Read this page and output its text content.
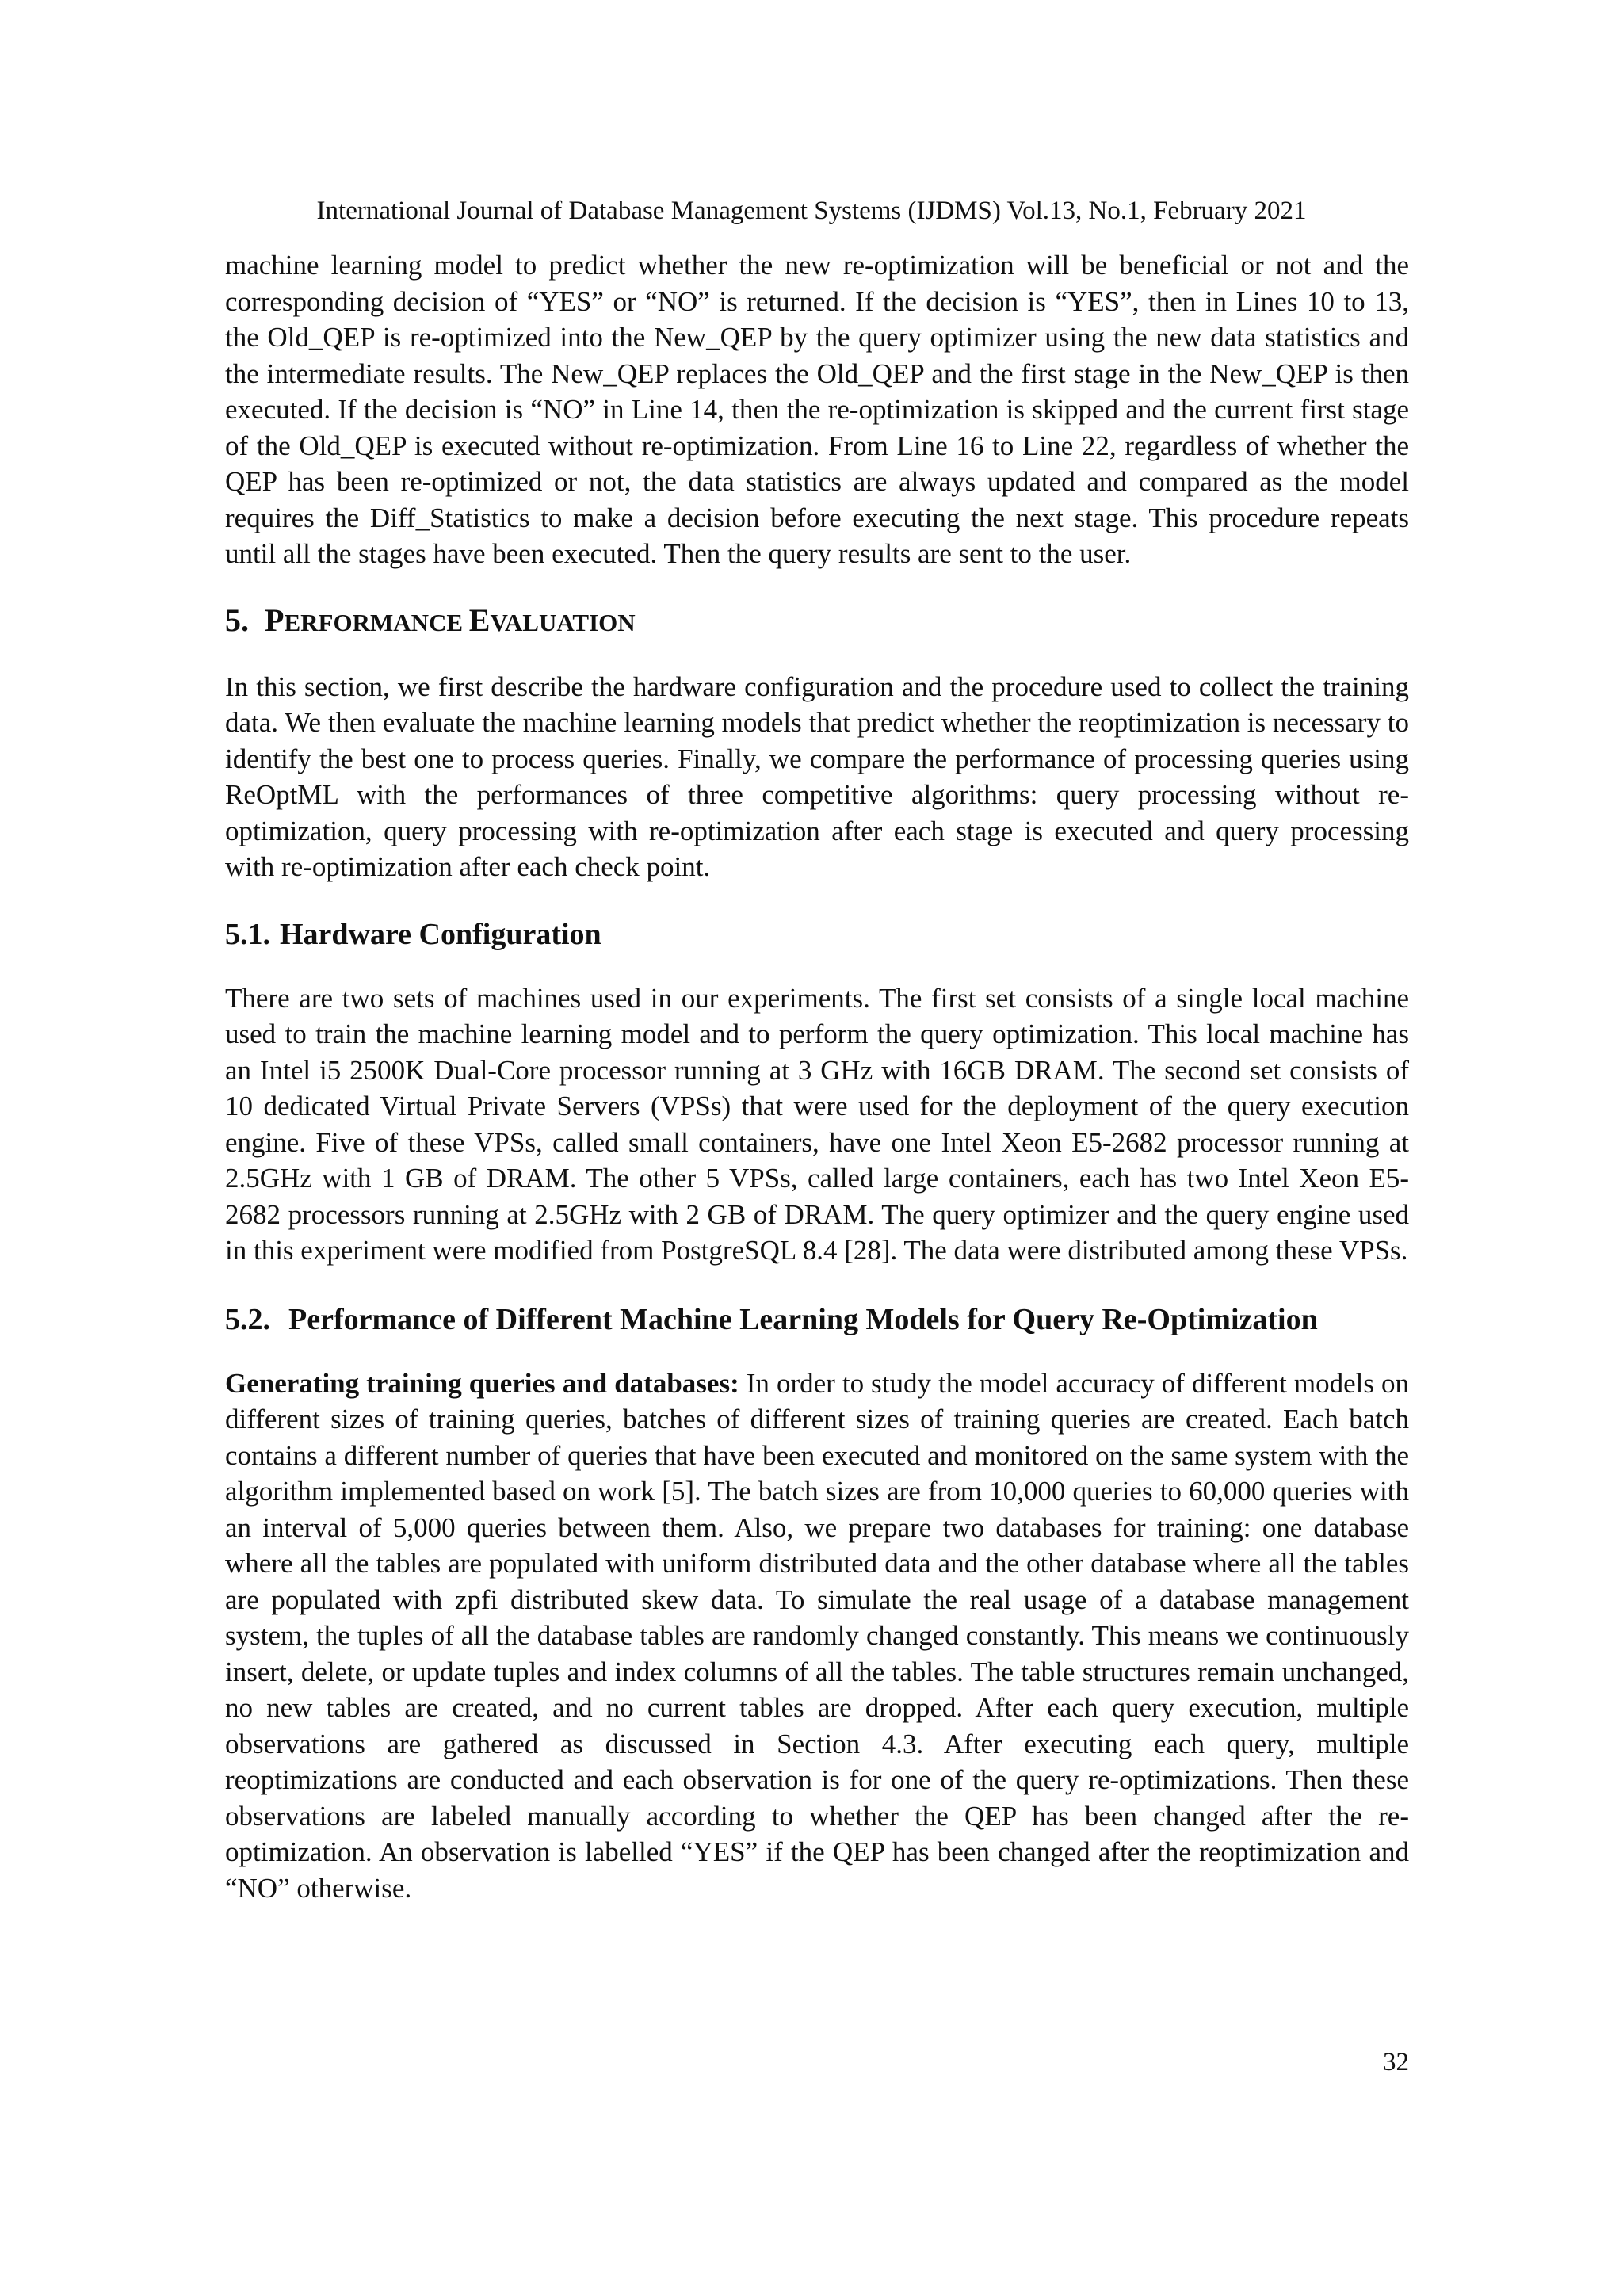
International Journal of Database Management Systems (IJDMS) Vol.13, No.1, February 2021

machine learning model to predict whether the new re-optimization will be beneficial or not and the corresponding decision of “YES” or “NO” is returned. If the decision is “YES”, then in Lines 10 to 13, the Old_QEP is re-optimized into the New_QEP by the query optimizer using the new data statistics and the intermediate results. The New_QEP replaces the Old_QEP and the first stage in the New_QEP is then executed. If the decision is “NO” in Line 14, then the re-optimization is skipped and the current first stage of the Old_QEP is executed without re-optimization. From Line 16 to Line 22, regardless of whether the QEP has been re-optimized or not, the data statistics are always updated and compared as the model requires the Diff_Statistics to make a decision before executing the next stage. This procedure repeats until all the stages have been executed. Then the query results are sent to the user.

5. PERFORMANCE EVALUATION

In this section, we first describe the hardware configuration and the procedure used to collect the training data. We then evaluate the machine learning models that predict whether the reoptimization is necessary to identify the best one to process queries. Finally, we compare the performance of processing queries using ReOptML with the performances of three competitive algorithms: query processing without re-optimization, query processing with re-optimization after each stage is executed and query processing with re-optimization after each check point.

5.1. Hardware Configuration

There are two sets of machines used in our experiments. The first set consists of a single local machine used to train the machine learning model and to perform the query optimization. This local machine has an Intel i5 2500K Dual-Core processor running at 3 GHz with 16GB DRAM. The second set consists of 10 dedicated Virtual Private Servers (VPSs) that were used for the deployment of the query execution engine. Five of these VPSs, called small containers, have one Intel Xeon E5-2682 processor running at 2.5GHz with 1 GB of DRAM. The other 5 VPSs, called large containers, each has two Intel Xeon E5-2682 processors running at 2.5GHz with 2 GB of DRAM. The query optimizer and the query engine used in this experiment were modified from PostgreSQL 8.4 [28]. The data were distributed among these VPSs.

5.2. Performance of Different Machine Learning Models for Query Re-Optimization

Generating training queries and databases: In order to study the model accuracy of different models on different sizes of training queries, batches of different sizes of training queries are created. Each batch contains a different number of queries that have been executed and monitored on the same system with the algorithm implemented based on work [5]. The batch sizes are from 10,000 queries to 60,000 queries with an interval of 5,000 queries between them. Also, we prepare two databases for training: one database where all the tables are populated with uniform distributed data and the other database where all the tables are populated with zpfi distributed skew data. To simulate the real usage of a database management system, the tuples of all the database tables are randomly changed constantly. This means we continuously insert, delete, or update tuples and index columns of all the tables. The table structures remain unchanged, no new tables are created, and no current tables are dropped. After each query execution, multiple observations are gathered as discussed in Section 4.3. After executing each query, multiple reoptimizations are conducted and each observation is for one of the query re-optimizations. Then these observations are labeled manually according to whether the QEP has been changed after the re-optimization. An observation is labelled “YES” if the QEP has been changed after the reoptimization and “NO” otherwise.

32
